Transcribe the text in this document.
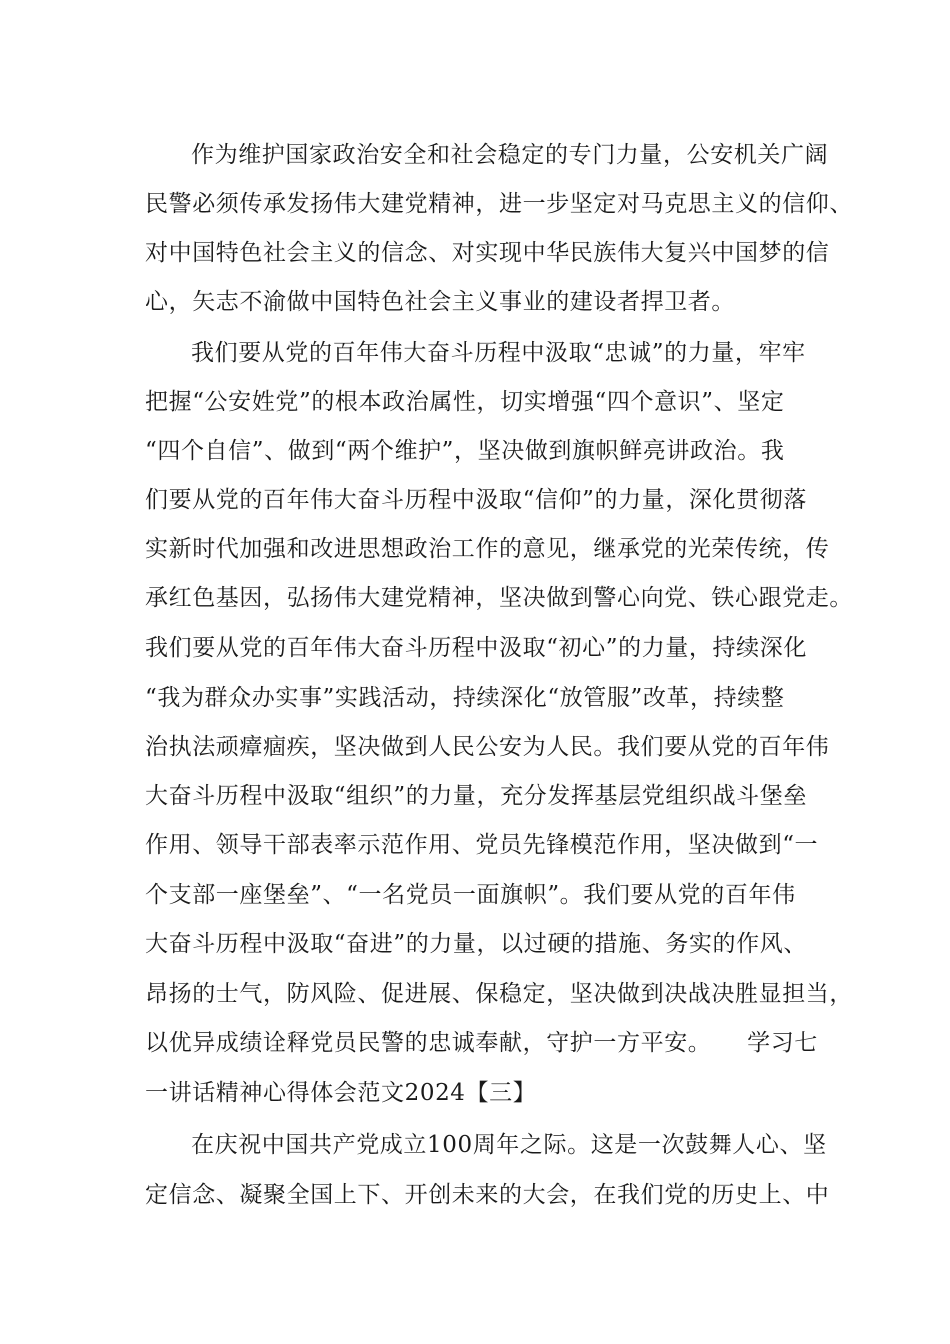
作为维护国家政治安全和社会稳定的专门力量，公安机关广阔
民警必须传承发扬伟大建党精神，进一步坚定对马克思主义的信仰、
对中国特色社会主义的信念、对实现中华民族伟大复兴中国梦的信
心，矢志不渝做中国特色社会主义事业的建设者捍卫者。
我们要从党的百年伟大奋斗历程中汲取“忠诚”的力量，牢牢
把握“公安姓党”的根本政治属性，切实增强“四个意识”、坚定
“四个自信”、做到“两个维护”，坚决做到旗帜鲜亮讲政治。我
们要从党的百年伟大奋斗历程中汲取“信仰”的力量，深化贯彻落
实新时代加强和改进思想政治工作的意见，继承党的光荣传统，传
承红色基因，弘扬伟大建党精神，坚决做到警心向党、铁心跟党走。
我们要从党的百年伟大奋斗历程中汲取“初心”的力量，持续深化
“我为群众办实事”实践活动，持续深化“放管服”改革，持续整
治执法顽瘴痼疾，坚决做到人民公安为人民。我们要从党的百年伟
大奋斗历程中汲取“组织”的力量，充分发挥基层党组织战斗堡垒
作用、领导干部表率示范作用、党员先锋模范作用，坚决做到“一
个支部一座堡垒”、“一名党员一面旗帜”。我们要从党的百年伟
大奋斗历程中汲取“奋进”的力量，以过硬的措施、务实的作风、
昂扬的士气，防风险、促进展、保稳定，坚决做到决战决胜显担当，
以优异成绩诠释党员民警的忠诚奉献，守护一方平安。　　学习七
一讲话精神心得体会范文2024【三】
在庆祝中国共产党成立100周年之际。这是一次鼓舞人心、坚
定信念、凝聚全国上下、开创未来的大会，在我们党的历史上、中
